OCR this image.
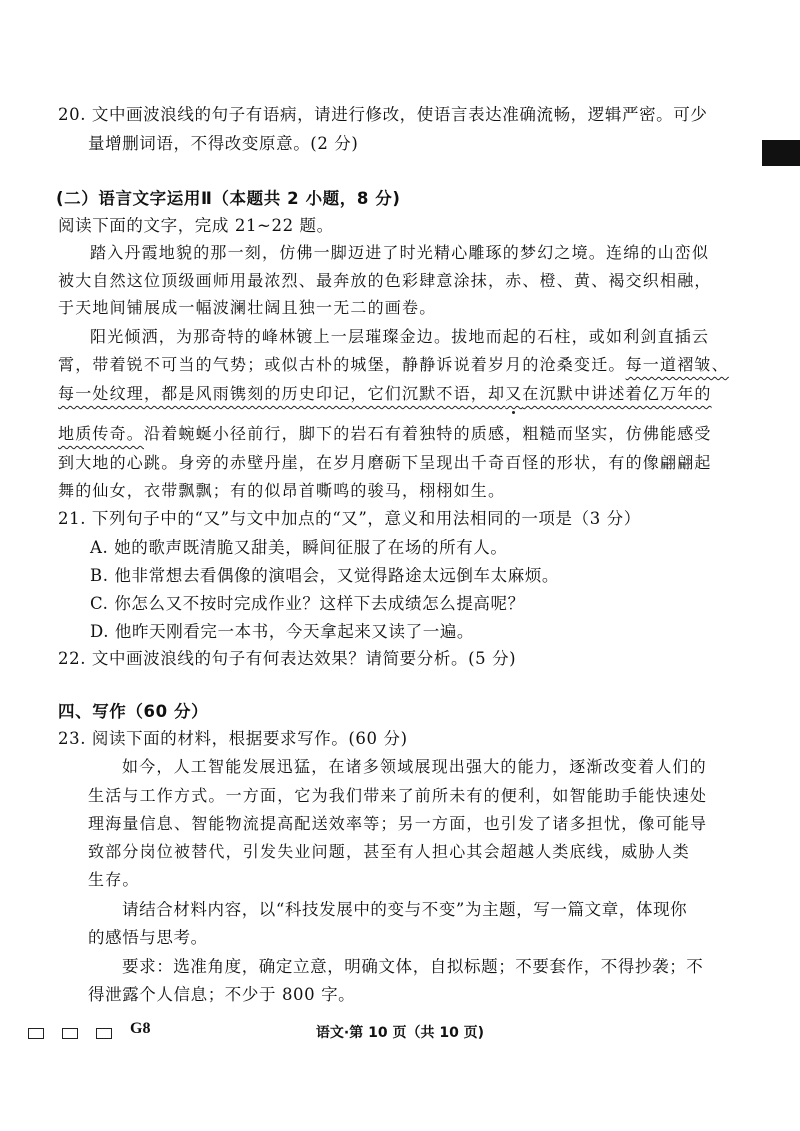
20. 文中画波浪线的句子有语病，请进行修改，使语言表达准确流畅，逻辑严密。可少
量增删词语，不得改变原意。(2 分)
(二）语言文字运用Ⅱ（本题共 2 小题，8 分)
阅读下面的文字，完成 21~22 题。
踏入丹霞地貌的那一刻，仿佛一脚迈进了时光精心雕琢的梦幻之境。连绵的山峦似
被大自然这位顶级画师用最浓烈、最奔放的色彩肆意涂抹，赤、橙、黄、褐交织相融，
于天地间铺展成一幅波澜壮阔且独一无二的画卷。
阳光倾洒，为那奇特的峰林镀上一层璀璨金边。拔地而起的石柱，或如利剑直插云
霄，带着锐不可当的气势；或似古朴的城堡，静静诉说着岁月的沧桑变迁。每一道褶皱、
每一处纹理，都是风雨镌刻的历史印记，它们沉默不语，却又在沉默中讲述着亿万年的
地质传奇。沿着蜿蜒小径前行，脚下的岩石有着独特的质感，粗糙而坚实，仿佛能感受
到大地的心跳。身旁的赤壁丹崖，在岁月磨砺下呈现出千奇百怪的形状，有的像翩翩起
舞的仙女，衣带飘飘；有的似昂首嘶鸣的骏马，栩栩如生。
21. 下列句子中的“又”与文中加点的“又”，意义和用法相同的一项是（3 分）
A. 她的歌声既清脆又甜美，瞬间征服了在场的所有人。
B. 他非常想去看偶像的演唱会，又觉得路途太远倒车太麻烦。
C. 你怎么又不按时完成作业？这样下去成绩怎么提高呢？
D. 他昨天刚看完一本书，今天拿起来又读了一遍。
22. 文中画波浪线的句子有何表达效果？请简要分析。(5 分)
四、写作（60 分）
23. 阅读下面的材料，根据要求写作。(60 分)
如今，人工智能发展迅猛，在诸多领域展现出强大的能力，逐渐改变着人们的
生活与工作方式。一方面，它为我们带来了前所未有的便利，如智能助手能快速处
理海量信息、智能物流提高配送效率等；另一方面，也引发了诸多担忧，像可能导
致部分岗位被替代，引发失业问题，甚至有人担心其会超越人类底线，威胁人类
生存。
请结合材料内容，以“科技发展中的变与不变”为主题，写一篇文章，体现你
的感悟与思考。
要求：选准角度，确定立意，明确文体，自拟标题；不要套作，不得抄袭；不
得泄露个人信息；不少于 800 字。
G8	语文·第 10 页（共 10 页)
